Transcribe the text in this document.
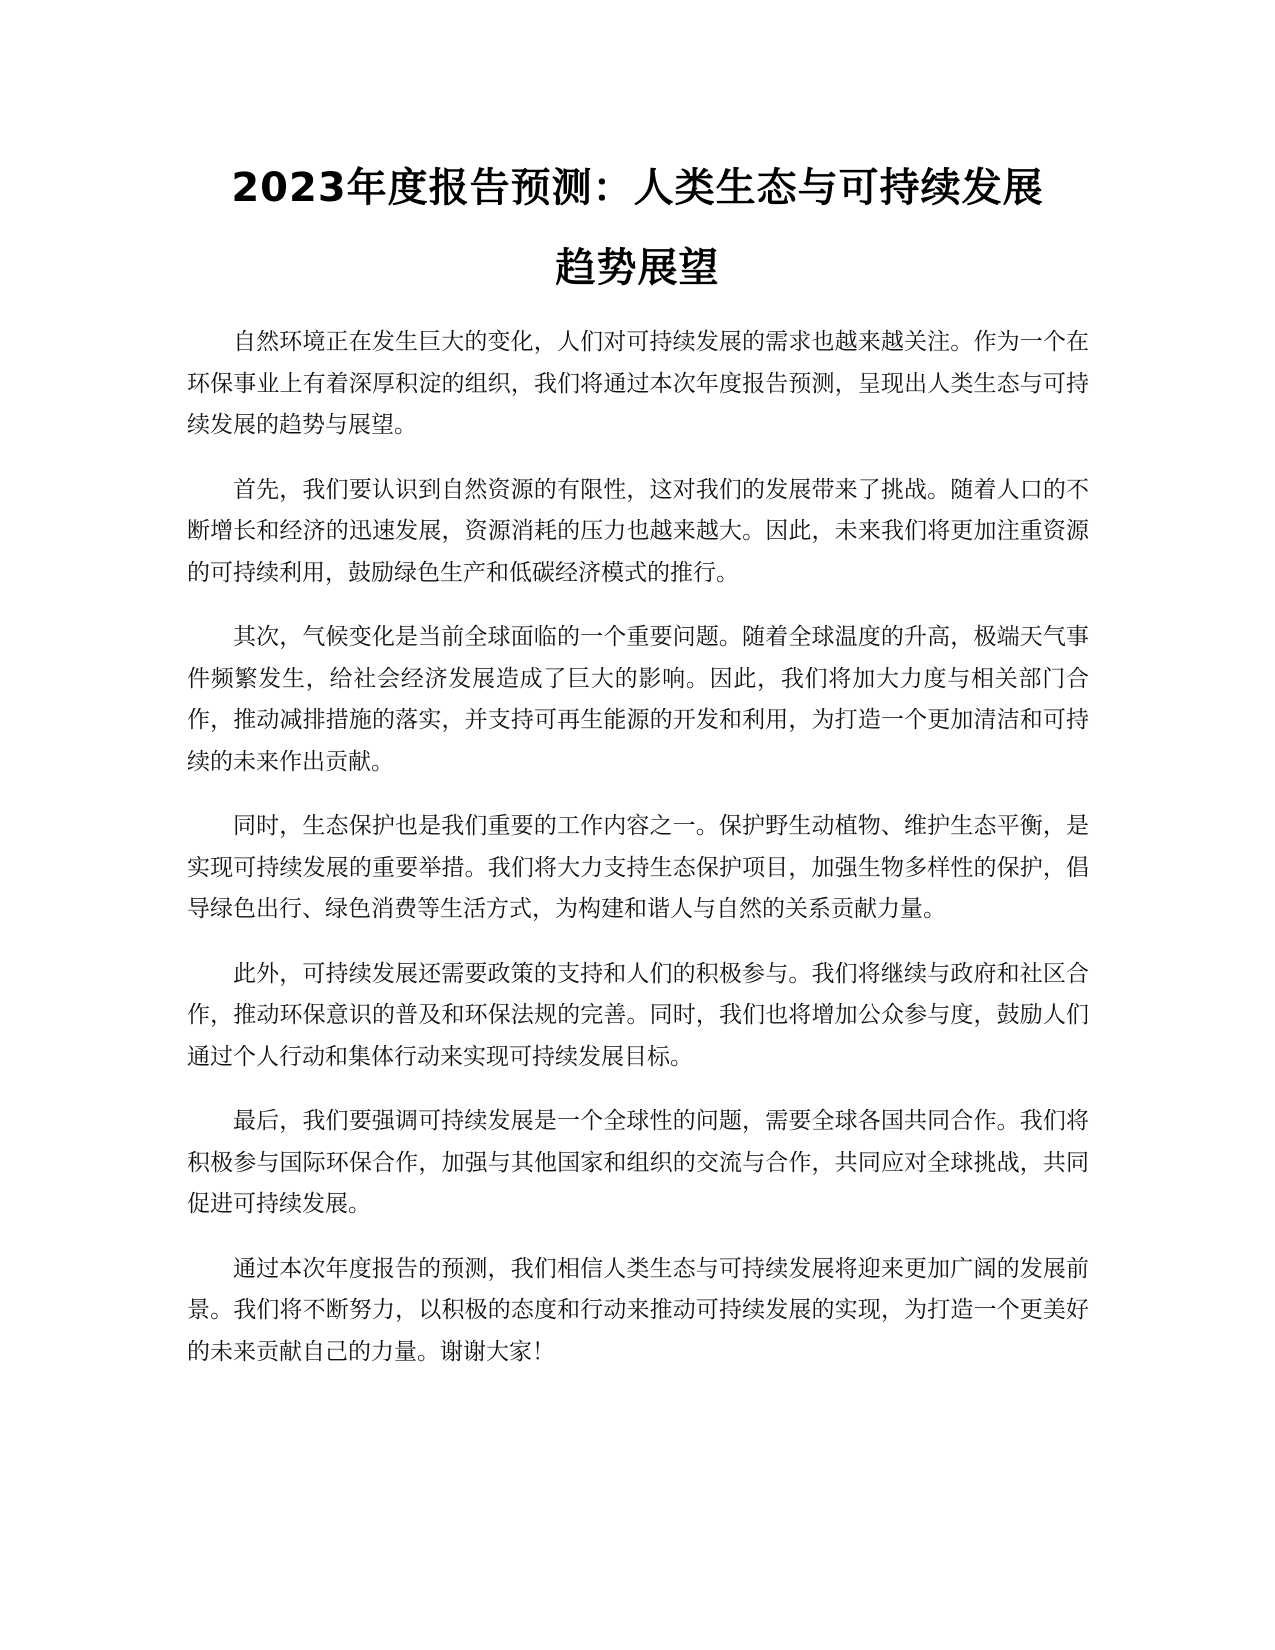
2023年度报告预测：人类生态与可持续发展
趋势展望

自然环境正在发生巨大的变化，人们对可持续发展的需求也越来越关注。作为一个在环保事业上有着深厚积淀的组织，我们将通过本次年度报告预测，呈现出人类生态与可持续发展的趋势与展望。

首先，我们要认识到自然资源的有限性，这对我们的发展带来了挑战。随着人口的不断增长和经济的迅速发展，资源消耗的压力也越来越大。因此，未来我们将更加注重资源的可持续利用，鼓励绿色生产和低碳经济模式的推行。

其次，气候变化是当前全球面临的一个重要问题。随着全球温度的升高，极端天气事件频繁发生，给社会经济发展造成了巨大的影响。因此，我们将加大力度与相关部门合作，推动减排措施的落实，并支持可再生能源的开发和利用，为打造一个更加清洁和可持续的未来作出贡献。

同时，生态保护也是我们重要的工作内容之一。保护野生动植物、维护生态平衡，是实现可持续发展的重要举措。我们将大力支持生态保护项目，加强生物多样性的保护，倡导绿色出行、绿色消费等生活方式，为构建和谐人与自然的关系贡献力量。

此外，可持续发展还需要政策的支持和人们的积极参与。我们将继续与政府和社区合作，推动环保意识的普及和环保法规的完善。同时，我们也将增加公众参与度，鼓励人们通过个人行动和集体行动来实现可持续发展目标。

最后，我们要强调可持续发展是一个全球性的问题，需要全球各国共同合作。我们将积极参与国际环保合作，加强与其他国家和组织的交流与合作，共同应对全球挑战，共同促进可持续发展。

通过本次年度报告的预测，我们相信人类生态与可持续发展将迎来更加广阔的发展前景。我们将不断努力，以积极的态度和行动来推动可持续发展的实现，为打造一个更美好的未来贡献自己的力量。谢谢大家！
